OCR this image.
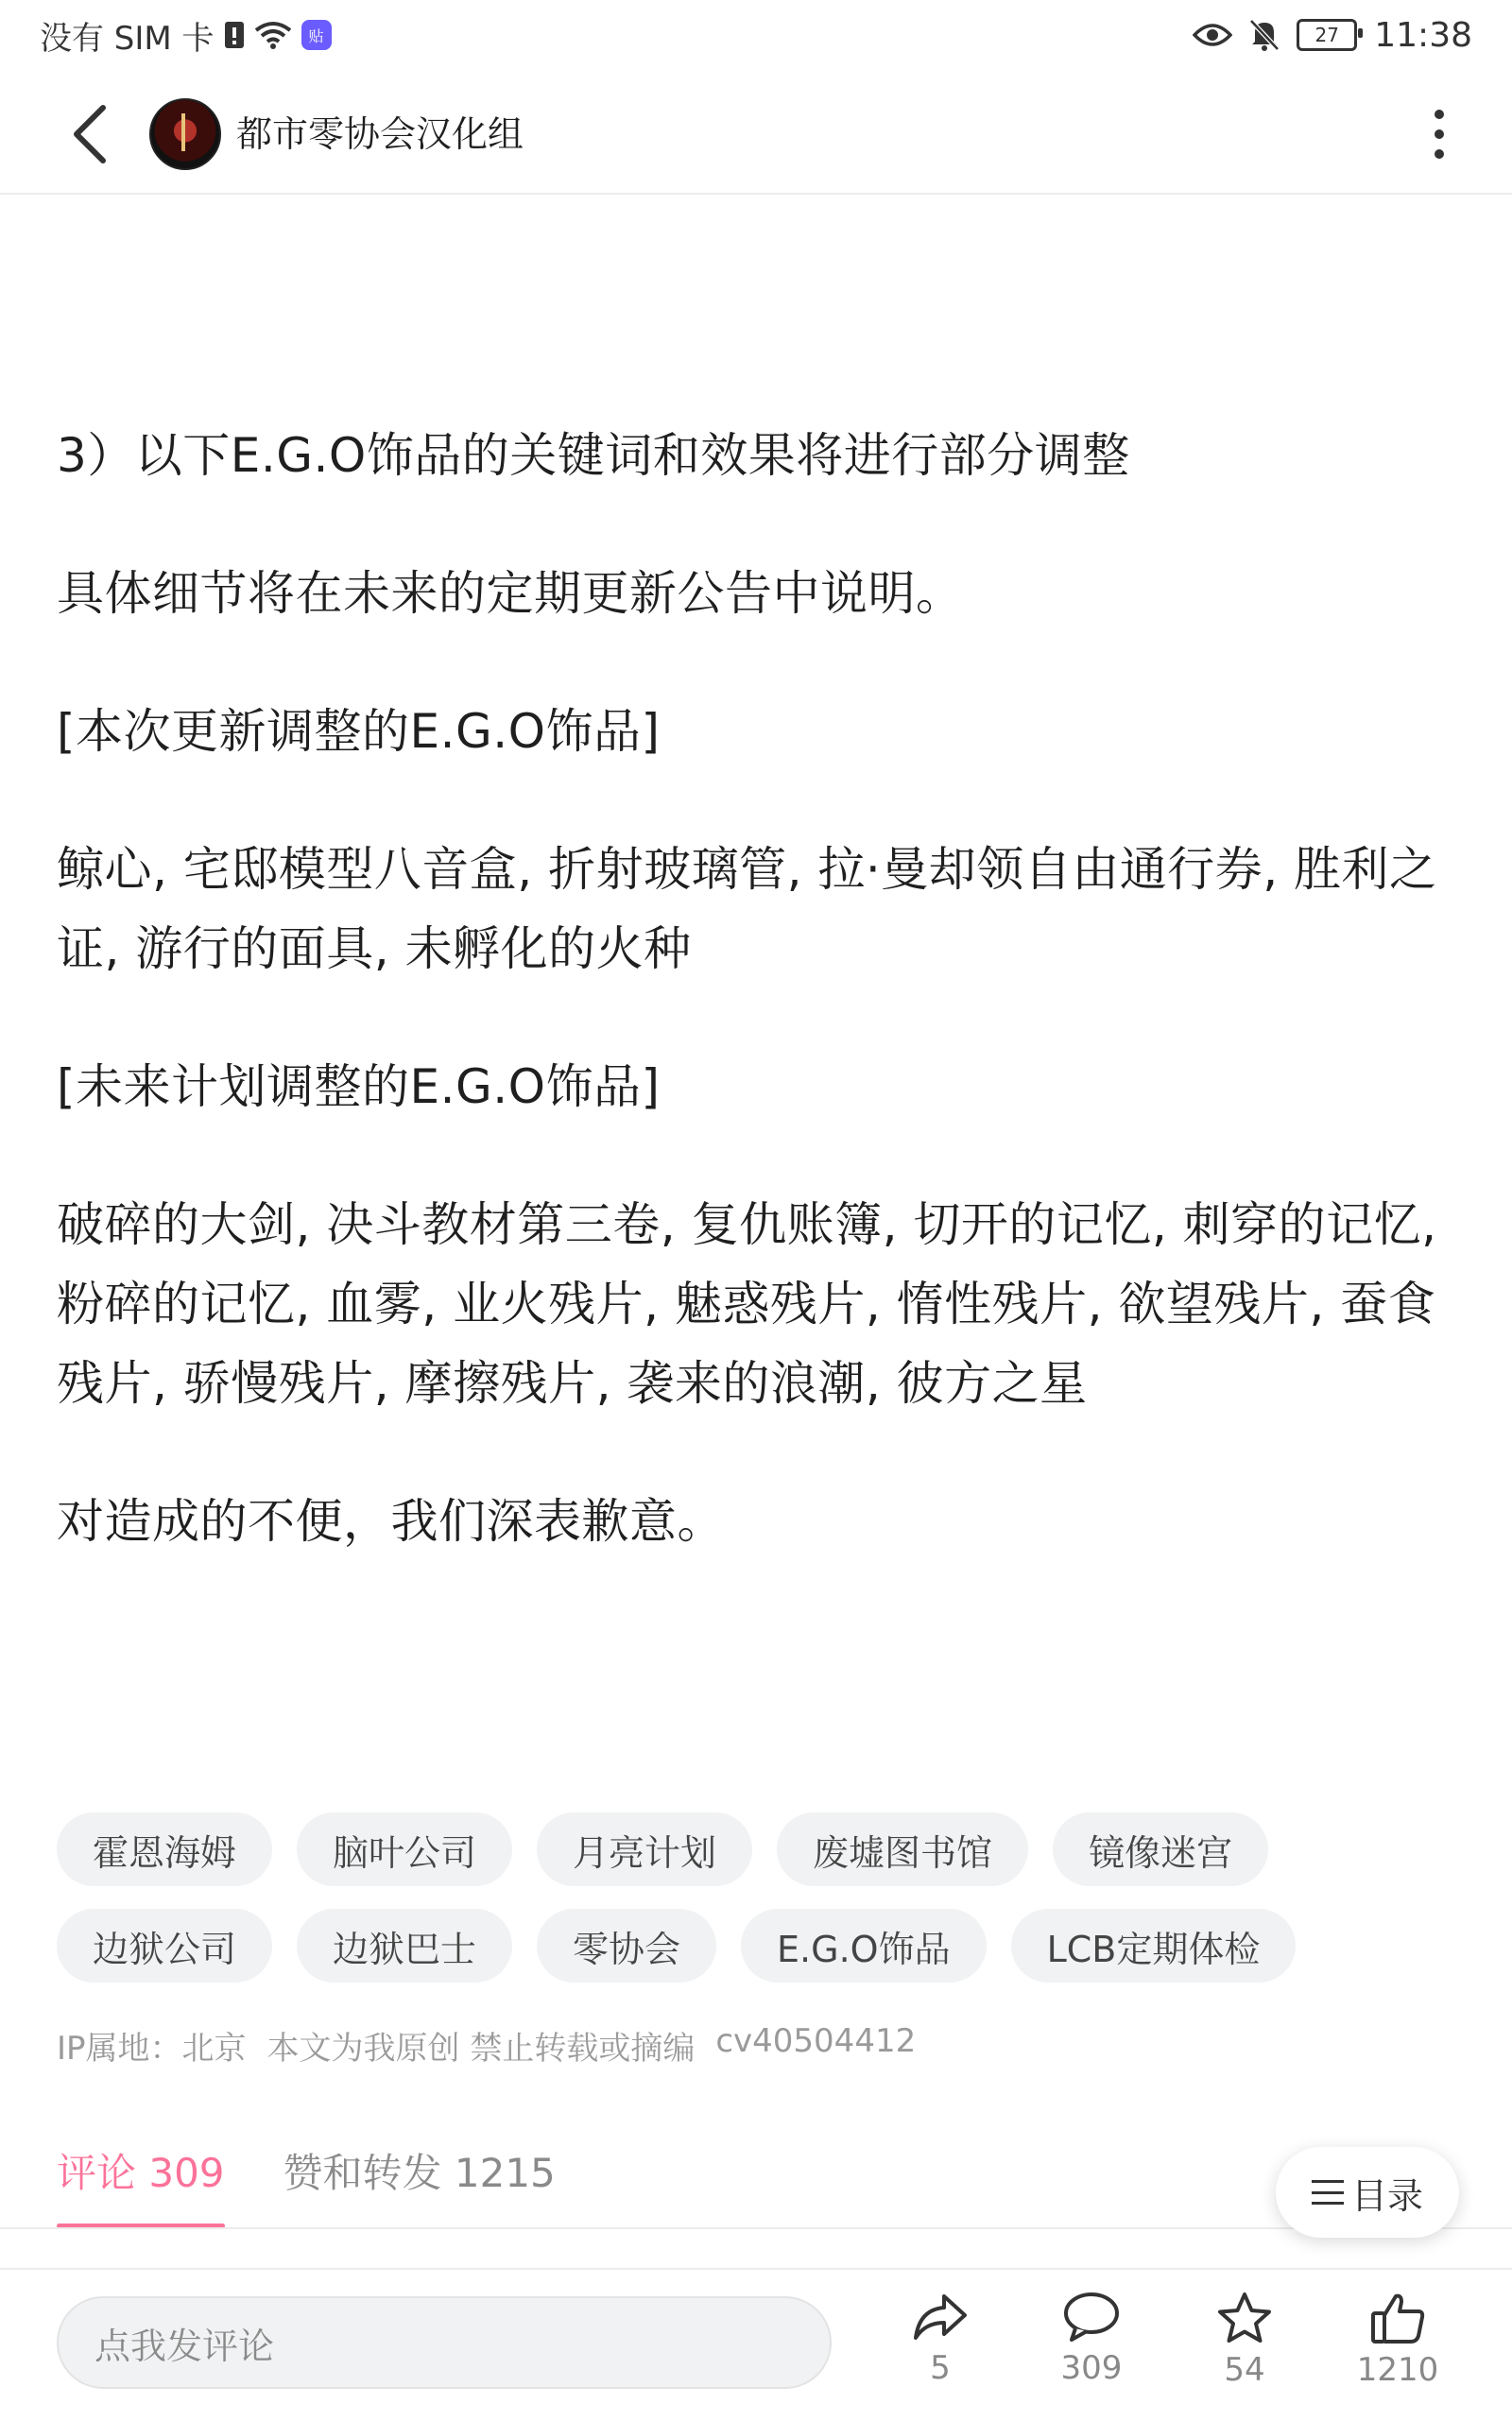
没有 SIM 卡	贴	27 11:38
都市零协会汉化组

3）以下E.G.O饰品的关键词和效果将进行部分调整

具体细节将在未来的定期更新公告中说明。

[本次更新调整的E.G.O饰品]

鲸心, 宅邸模型八音盒, 折射玻璃管, 拉·曼却领自由通行券, 胜利之证, 游行的面具, 未孵化的火种

[未来计划调整的E.G.O饰品]

破碎的大剑, 决斗教材第三卷, 复仇账簿, 切开的记忆, 刺穿的记忆, 粉碎的记忆, 血雾, 业火残片, 魅惑残片, 惰性残片, 欲望残片, 蚕食残片, 骄慢残片, 摩擦残片, 袭来的浪潮, 彼方之星

对造成的不便，我们深表歉意。

霍恩海姆	脑叶公司	月亮计划	废墟图书馆	镜像迷宫
边狱公司	边狱巴士	零协会	E.G.O饰品	LCB定期体检
IP属地：北京 本文为我原创 禁止转载或摘编 cv40504412
评论 309 赞和转发 1215	目录
点我发评论
5	309	54	1210
